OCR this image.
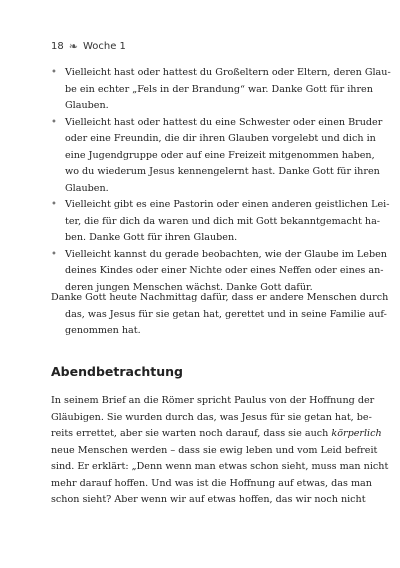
18 ❧ Woche 1
• Vielleicht hast oder hattest du Großeltern oder Eltern, deren Glau-
be ein echter „Fels in der Brandung“ war. Danke Gott für ihren
Glauben.
• Vielleicht hast oder hattest du eine Schwester oder einen Bruder
oder eine Freundin, die dir ihren Glauben vorgelebt und dich in
eine Jugendgruppe oder auf eine Freizeit mitgenommen haben,
wo du wiederum Jesus kennengelernt hast. Danke Gott für ihren
Glauben.
• Vielleicht gibt es eine Pastorin oder einen anderen geistlichen Lei-
ter, die für dich da waren und dich mit Gott bekanntgemacht ha-
ben. Danke Gott für ihren Glauben.
• Vielleicht kannst du gerade beobachten, wie der Glaube im Leben
deines Kindes oder einer Nichte oder eines Neffen oder eines an-
deren jungen Menschen wächst. Danke Gott dafür.

Danke Gott heute Nachmittag dafür, dass er andere Menschen durch
das, was Jesus für sie getan hat, gerettet und in seine Familie auf-
genommen hat.

Abendbetrachtung

In seinem Brief an die Römer spricht Paulus von der Hoffnung der
Gläubigen. Sie wurden durch das, was Jesus für sie getan hat, be-
reits errettet, aber sie warten noch darauf, dass sie auch körperlich
neue Menschen werden – dass sie ewig leben und vom Leid befreit
sind. Er erklärt: „Denn wenn man etwas schon sieht, muss man nicht
mehr darauf hoffen. Und was ist die Hoffnung auf etwas, das man
schon sieht? Aber wenn wir auf etwas hoffen, das wir noch nicht
